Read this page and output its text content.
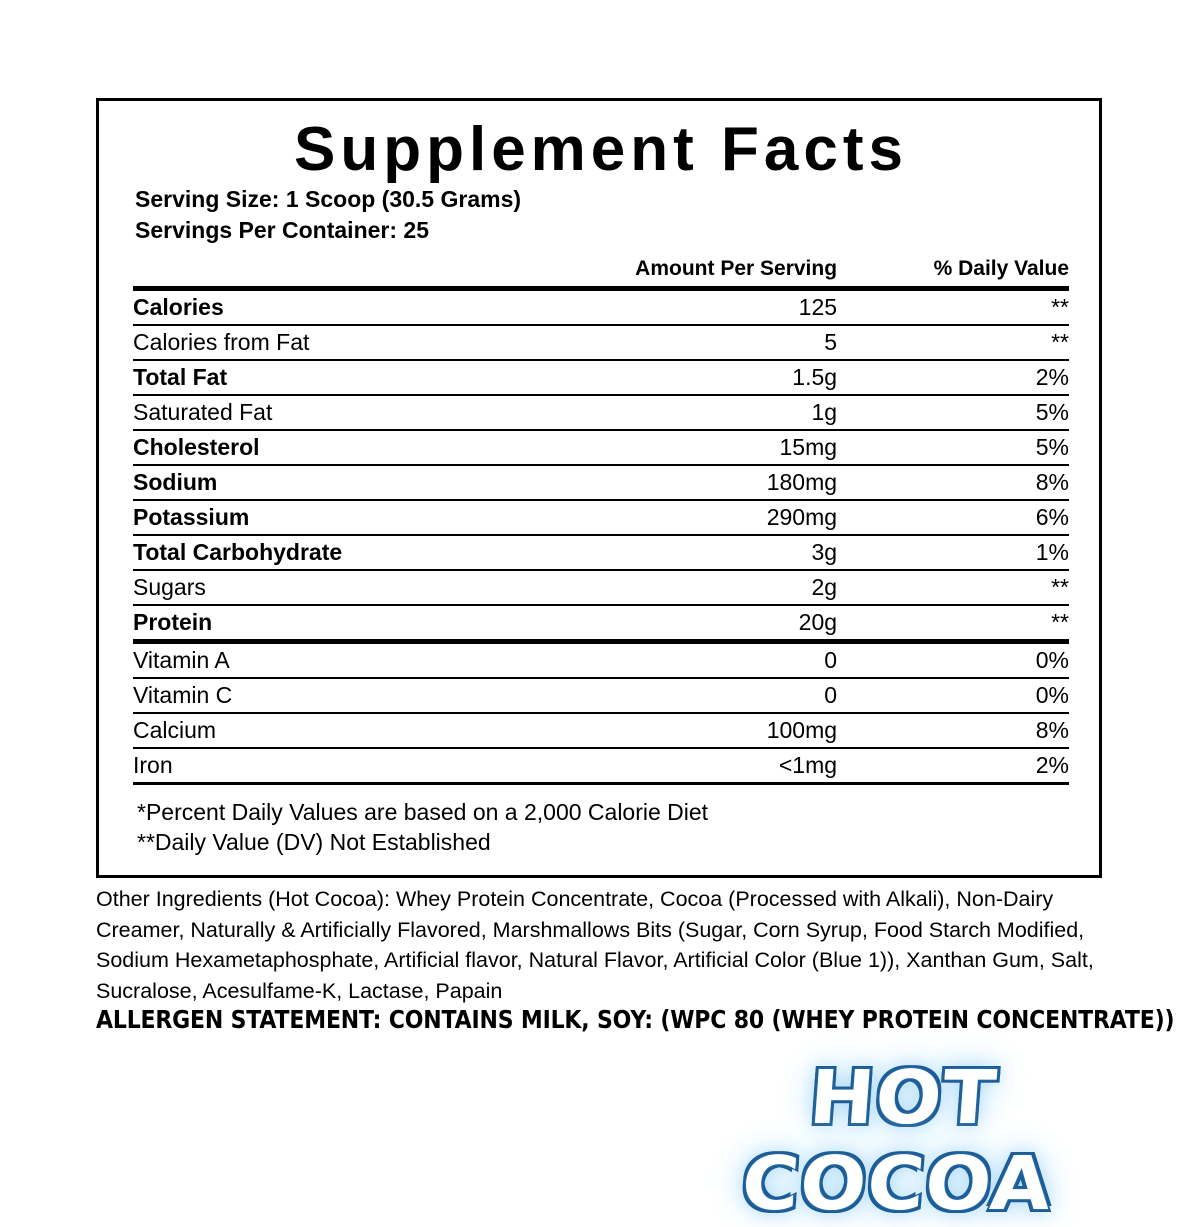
Supplement Facts
Serving Size: 1 Scoop (30.5 Grams)
Servings Per Container: 25
	Amount Per Serving	% Daily Value
Calories	125	**
Calories from Fat	5	**
Total Fat	1.5g	2%
Saturated Fat	1g	5%
Cholesterol	15mg	5%
Sodium	180mg	8%
Potassium	290mg	6%
Total Carbohydrate	3g	1%
Sugars	2g	**
Protein	20g	**
Vitamin A	0	0%
Vitamin C	0	0%
Calcium	100mg	8%
Iron	<1mg	2%

*Percent Daily Values are based on a 2,000 Calorie Diet
**Daily Value (DV) Not Established
Other Ingredients (Hot Cocoa): Whey Protein Concentrate, Cocoa (Processed with Alkali), Non-Dairy Creamer, Naturally & Artificially Flavored, Marshmallows Bits (Sugar, Corn Syrup, Food Starch Modified, Sodium Hexametaphosphate, Artificial flavor, Natural Flavor, Artificial Color (Blue 1)), Xanthan Gum, Salt, Sucralose, Acesulfame-K, Lactase, Papain
ALLERGEN STATEMENT: CONTAINS MILK, SOY: (WPC 80 (WHEY PROTEIN CONCENTRATE))
HOT COCOA
